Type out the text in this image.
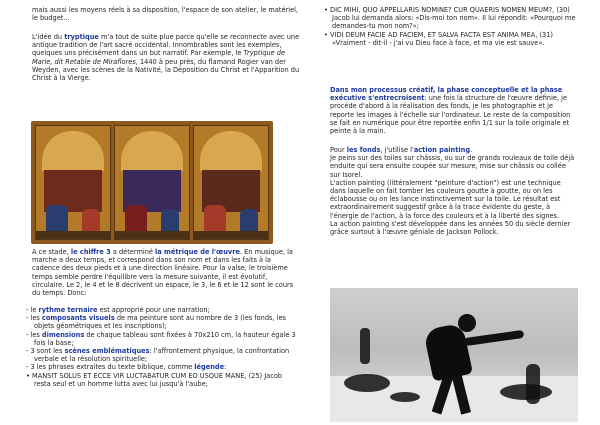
mais aussi les moyens réels à sa disposition, l'espace de son atelier, le matériel, le budget...

L'idée du tryptique m'a tout de suite plue parce qu'elle se reconnecte avec une antique tradition de l'art sacré occidental. Innombrables sont les exemples, quelques uns précisément dans un but narratif. Par exemple, le Tryptique de Marie, dit Retable de Miraflores, 1440 à peu près, du flamand Rogier van der Weyden, avec les scènes de la Nativité, la Déposition du Christ et l'Apparition du Christ à la Vierge.

A ce stade, le chiffre 3 a déterminé la métrique de l'œuvre. En musique, la marche a deux temps, et correspond dans son nom et dans les faits à la cadence des deux pieds et à une direction linéaire. Pour la valse, le troisième temps semble perdre l'équilibre vers la mesure suivante, il est évolutif, circulaire. Le 2, le 4 et le 8 décrivent un espace, le 3, le 6 et le 12 sont le cours du temps. Donc:

- le rythme ternaire est approprié pour une narration;
- les composants visuels de ma peinture sont au nombre de 3 (les fonds, les objets géométriques et les inscriptions);
- les dimensions de chaque tableau sont fixées à 70x210 cm, la hauteur égale 3 fois la base;
- 3 sont les scènes emblématiques: l'affrontement physique, la confrontation verbale et la résolution spirituelle;
- 3 les phrases extraites du texte biblique, comme légende:
• MANSIT SOLUS ET ECCE VIR LUCTABATUR CUM EO USQUE MANE, (25) Jacob resta seul et un homme lutta avec lui jusqu'à l'aube;
• DIC MIHI, QUO APPELLARIS NOMINE? CUR QUAERIS NOMEN MEUM?, (30) Jacob lui demanda alors: «Dis-moi ton nom». Il lui répondit: «Pourquoi me demandes-tu mon nom?»;
• VIDI DEUM FACIE AD FACIEM, ET SALVA FACTA EST ANIMA MEA, (31) «Vraiment - dit-il - j'ai vu Dieu face à face, et ma vie est sauve».

Dans mon processus créatif, la phase conceptuelle et la phase exécutive s'entrecroisent: une fois la structure de l'œuvre définie, je procède d'abord à la réalisation des fonds, je les photographie et je reporte les images à l'échelle sur l'ordinateur. Le reste de la composition se fait en numérique pour être reportée enfin 1/1 sur la toile originale et peinte à la main.

Pour les fonds, j'utilise l'action painting.
Je peins sur des toiles sur châssis, ou sur de grands rouleaux de toile déjà enduite qui sera ensuite coupée sur mesure, mise sur châssis ou collée sur Isorel.
L'action painting (littéralement "peinture d'action") est une technique dans laquelle on fait tomber les couleurs goutte à goutte, ou on les éclabousse ou on les lance instinctivement sur la toile. Le résultat est extraordinairement suggestif grâce à la trace évidente du geste, à l'énergie de l'action, à la force des couleurs et à la liberté des signes.
La action painting s'est développée dans les années 50 du siècle dernier grâce surtout à l'œuvre géniale de Jackson Pollock.
